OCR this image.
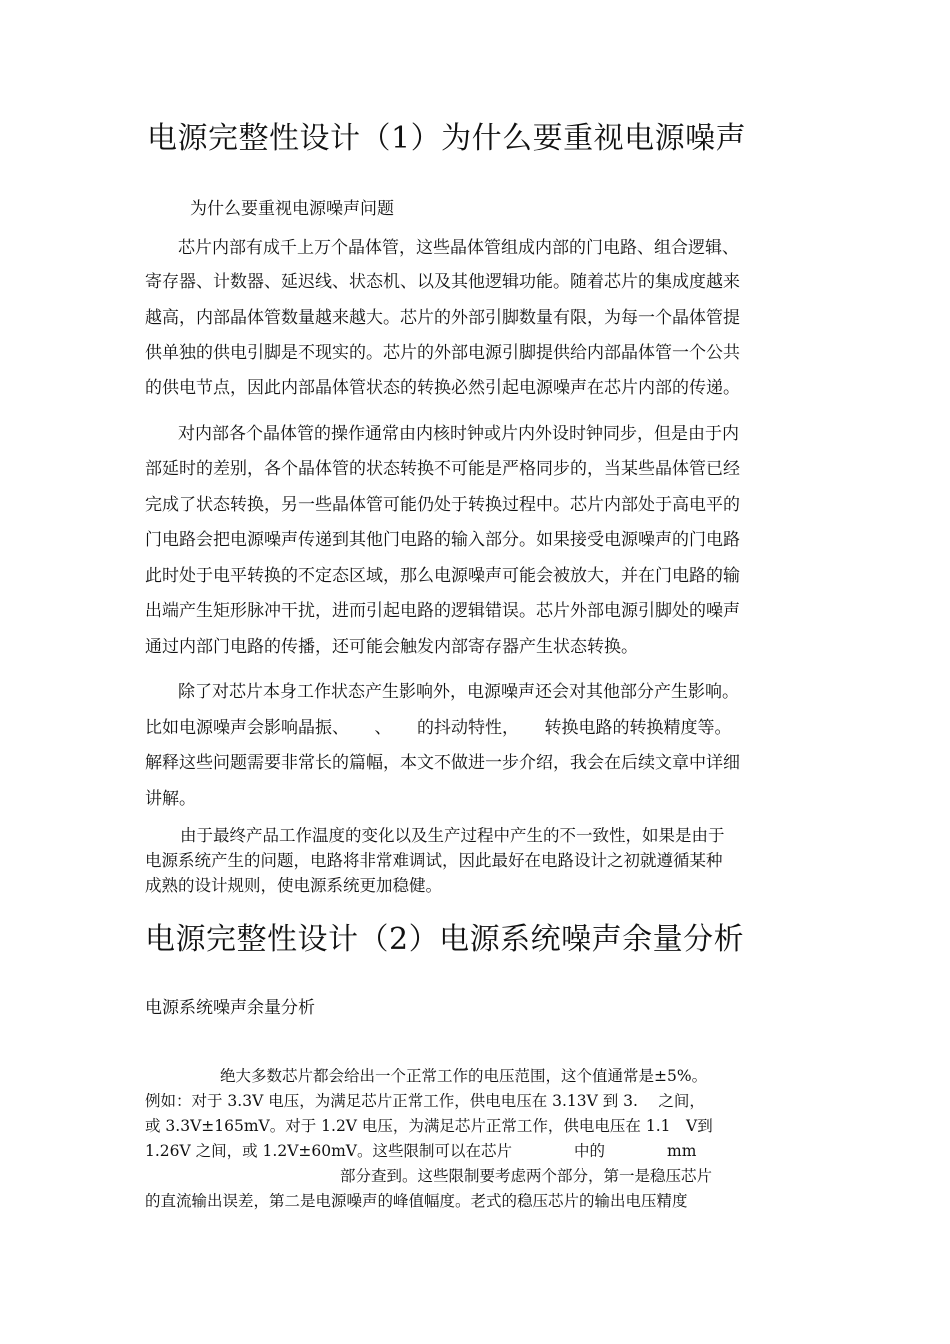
电源完整性设计（1）为什么要重视电源噪声
为什么要重视电源噪声问题
芯片内部有成千上万个晶体管，这些晶体管组成内部的门电路、组合逻辑、
寄存器、计数器、延迟线、状态机、以及其他逻辑功能。随着芯片的集成度越来
越高，内部晶体管数量越来越大。芯片的外部引脚数量有限，为每一个晶体管提
供单独的供电引脚是不现实的。芯片的外部电源引脚提供给内部晶体管一个公共
的供电节点，因此内部晶体管状态的转换必然引起电源噪声在芯片内部的传递。
对内部各个晶体管的操作通常由内核时钟或片内外设时钟同步，但是由于内
部延时的差别，各个晶体管的状态转换不可能是严格同步的，当某些晶体管已经
完成了状态转换，另一些晶体管可能仍处于转换过程中。芯片内部处于高电平的
门电路会把电源噪声传递到其他门电路的输入部分。如果接受电源噪声的门电路
此时处于电平转换的不定态区域，那么电源噪声可能会被放大，并在门电路的输
出端产生矩形脉冲干扰，进而引起电路的逻辑错误。芯片外部电源引脚处的噪声
通过内部门电路的传播，还可能会触发内部寄存器产生状态转换。
除了对芯片本身工作状态产生影响外，电源噪声还会对其他部分产生影响。
比如电源噪声会影响晶振、　　、　　的抖动特性，　　转换电路的转换精度等。
解释这些问题需要非常长的篇幅，本文不做进一步介绍，我会在后续文章中详细
讲解。
由于最终产品工作温度的变化以及生产过程中产生的不一致性，如果是由于
电源系统产生的问题，电路将非常难调试，因此最好在电路设计之初就遵循某种
成熟的设计规则，使电源系统更加稳健。
电源完整性设计（2）电源系统噪声余量分析
电源系统噪声余量分析
绝大多数芯片都会给出一个正常工作的电压范围，这个值通常是±5%。
例如：对于 3.3V 电压，为满足芯片正常工作，供电电压在 3.13V 到 3.　 之间，
或 3.3V±165mV。对于 1.2V 电压，为满足芯片正常工作，供电电压在 1.1　V到
1.26V 之间，或 1.2V±60mV。这些限制可以在芯片　　　　中的　　　　mm
部分查到。这些限制要考虑两个部分，第一是稳压芯片
的直流输出误差，第二是电源噪声的峰值幅度。老式的稳压芯片的输出电压精度
